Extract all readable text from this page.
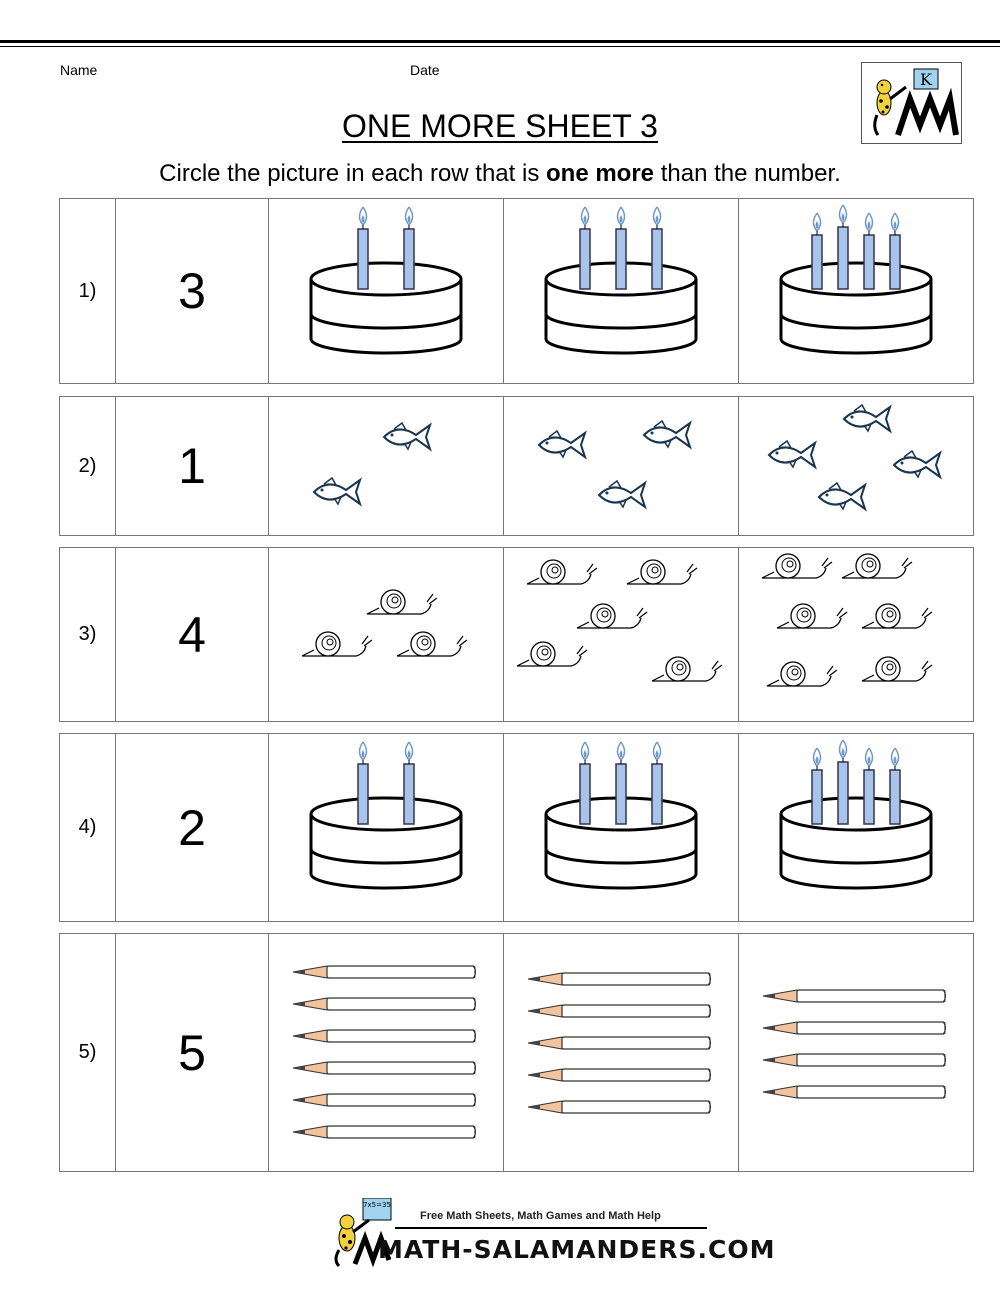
Name	Date	K
ONE MORE SHEET 3
Circle the picture in each row that is one more than the number.
1)	3	

2)	1	

3)	4	

4)	2	

5)	5	

7x5=35
Free Math Sheets, Math Games and Math Help
MATH-SALAMANDERS.COM
